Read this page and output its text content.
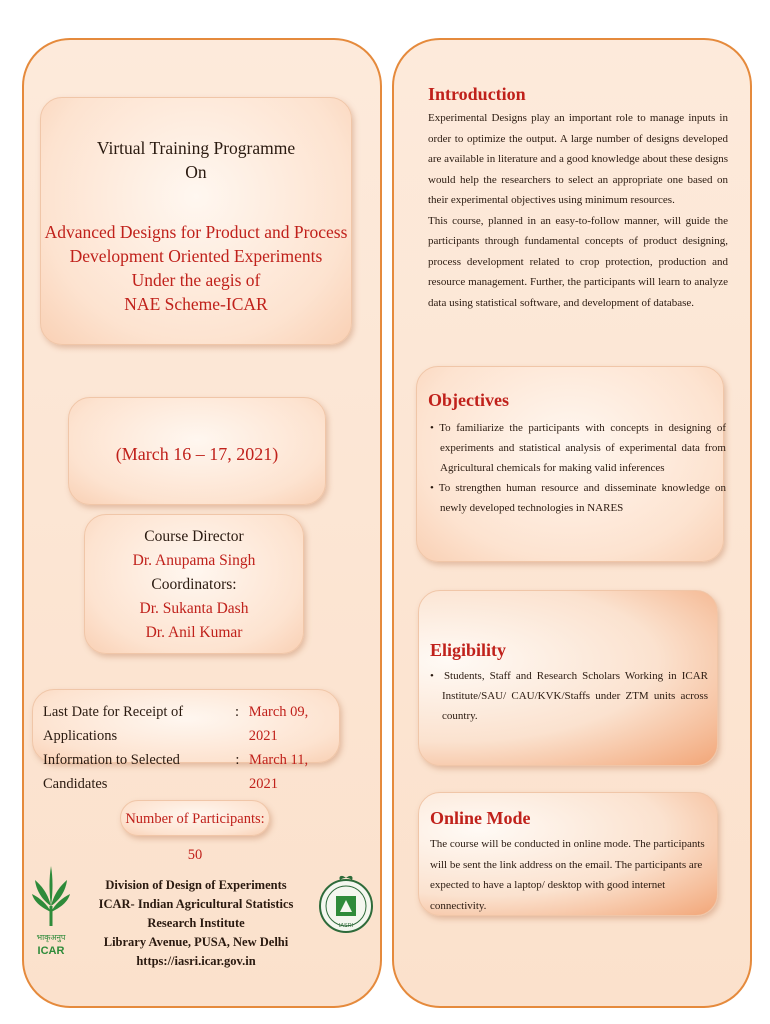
Virtual Training Programme
On
Advanced Designs for Product and Process
Development Oriented Experiments
Under the aegis of
NAE Scheme-ICAR
(March 16 – 17, 2021)
Course Director
Dr. Anupama Singh
Coordinators:
Dr. Sukanta Dash
Dr. Anil Kumar
Last Date for Receipt of Applications
: March 09, 2021
Information to Selected Candidates
: March 11, 2021
Number of Participants: 50
भाकृअनुप
ICAR
Division of Design of Experiments
ICAR- Indian Agricultural Statistics Research Institute
Library Avenue, PUSA, New Delhi
https://iasri.icar.gov.in
IASRI
Introduction
Experimental Designs play an important role to manage inputs in order to optimize the output. A large number of designs developed are available in literature and a good knowledge about these designs would help the researchers to select an appropriate one based on their experimental objectives using minimum resources.
This course, planned in an easy-to-follow manner, will guide the participants through fundamental concepts of product designing, process development related to crop protection, production and resource management. Further, the participants will learn to analyze data using statistical software, and development of database.
Objectives
• To familiarize the participants with concepts in designing of experiments and statistical analysis of experimental data from Agricultural chemicals for making valid inferences
• To strengthen human resource and disseminate knowledge on newly developed technologies in NARES
Eligibility
•  Students, Staff and Research Scholars Working in ICAR Institute/SAU/ CAU/KVK/Staffs under ZTM units across country.
Online Mode
The course will be conducted in online mode. The participants will be sent the link address on the email. The participants are expected to have a laptop/ desktop with good internet connectivity.
